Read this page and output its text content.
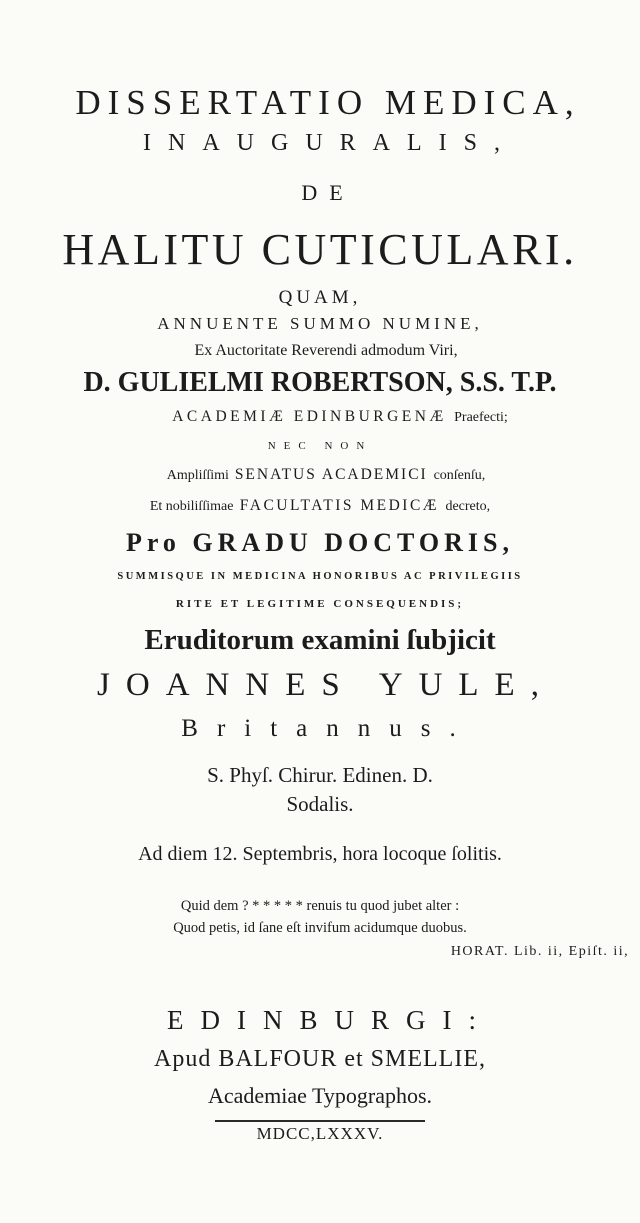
DISSERTATIO MEDICA,
INAUGURALIS,
DE
HALITU CUTICULARI.
QUAM,
ANNUENTE SUMMO NUMINE,
Ex Auctoritate Reverendi admodum Viri,
D. GULIELMI ROBERTSON, S.S. T.P.
ACADEMIÆ EDINBURGENÆ Praefecti;
NEC NON
Ampliſſimi SENATUS ACADEMICI conſenſu,
Et nobiliſſimae FACULTATIS MEDICÆ decreto,
Pro GRADU DOCTORIS,
SUMMISQUE IN MEDICINA HONORIBUS AC PRIVILEGIIS
RITE ET LEGITIME CONSEQUENDIS;
Eruditorum examini ſubjicit
JOANNES YULE,
Britannus.
S. Phyſ. Chirur. Edinen. D.
Sodalis.
Ad diem 12. Septembris, hora locoque ſolitis.
Quid dem ? * * * * * renuis tu quod jubet alter :
Quod petis, id ſane eſt invifum acidumque duobus.
HORAT. Lib. ii, Epiſt. ii,
EDINBURGI:
Apud BALFOUR et SMELLIE,
Academiae Typographos.
MDCC,LXXXV.
